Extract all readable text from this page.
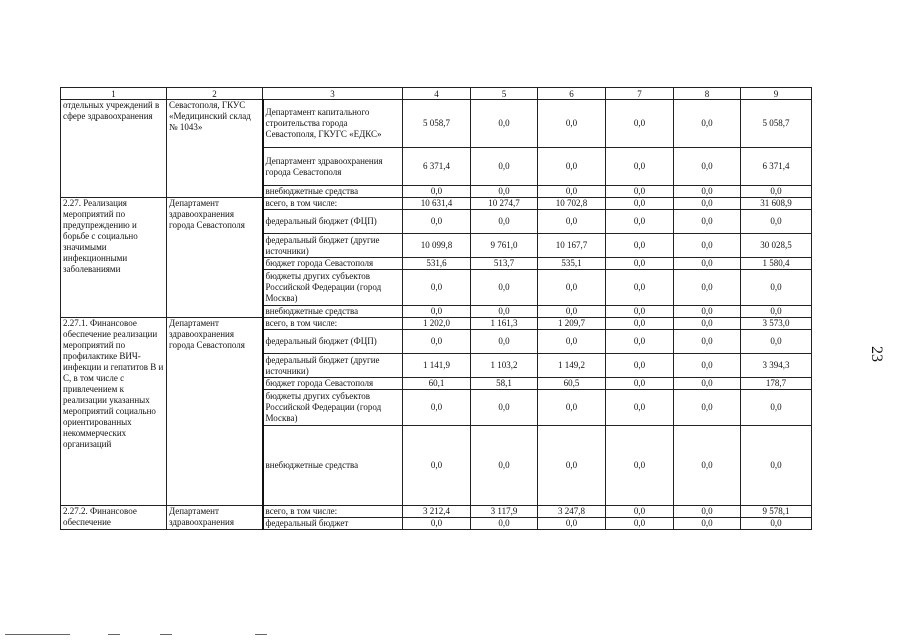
1	2	3	4	5	6	7	8	9
отдельных учреждений в сфере здравоохранения	Севастополя, ГКУС «Медицинский склад № 1043»	Департамент капитального строительства города Севастополя, ГКУГС «ЕДКС»	5 058,7	0,0	0,0	0,0	0,0	5 058,7
		Департамент здравоохранения города Севастополя	6 371,4	0,0	0,0	0,0	0,0	6 371,4
		внебюджетные средства	0,0	0,0	0,0	0,0	0,0	0,0
2.27. Реализация мероприятий по предупреждению и борьбе с социально значимыми инфекционными заболеваниями	Департамент здравоохранения города Севастополя	всего, в том числе:	10 631,4	10 274,7	10 702,8	0,0	0,0	31 608,9
		федеральный бюджет (ФЦП)	0,0	0,0	0,0	0,0	0,0	0,0
		федеральный бюджет (другие источники)	10 099,8	9 761,0	10 167,7	0,0	0,0	30 028,5
		бюджет города Севастополя	531,6	513,7	535,1	0,0	0,0	1 580,4
		бюджеты других субъектов Российской Федерации (город Москва)	0,0	0,0	0,0	0,0	0,0	0,0
		внебюджетные средства	0,0	0,0	0,0	0,0	0,0	0,0
2.27.1. Финансовое обеспечение реализации мероприятий по профилактике ВИЧ-инфекции и гепатитов В и С, в том числе с привлечением к реализации указанных мероприятий социально ориентированных некоммерческих организаций	Департамент здравоохранения города Севастополя	всего, в том числе:	1 202,0	1 161,3	1 209,7	0,0	0,0	3 573,0
		федеральный бюджет (ФЦП)	0,0	0,0	0,0	0,0	0,0	0,0
		федеральный бюджет (другие источники)	1 141,9	1 103,2	1 149,2	0,0	0,0	3 394,3
		бюджет города Севастополя	60,1	58,1	60,5	0,0	0,0	178,7
		бюджеты других субъектов Российской Федерации (город Москва)	0,0	0,0	0,0	0,0	0,0	0,0
		внебюджетные средства	0,0	0,0	0,0	0,0	0,0	0,0
2.27.2. Финансовое обеспечение	Департамент здравоохранения	всего, в том числе:	3 212,4	3 117,9	3 247,8	0,0	0,0	9 578,1
		федеральный бюджет	0,0	0,0	0,0	0,0	0,0	0,0
23
